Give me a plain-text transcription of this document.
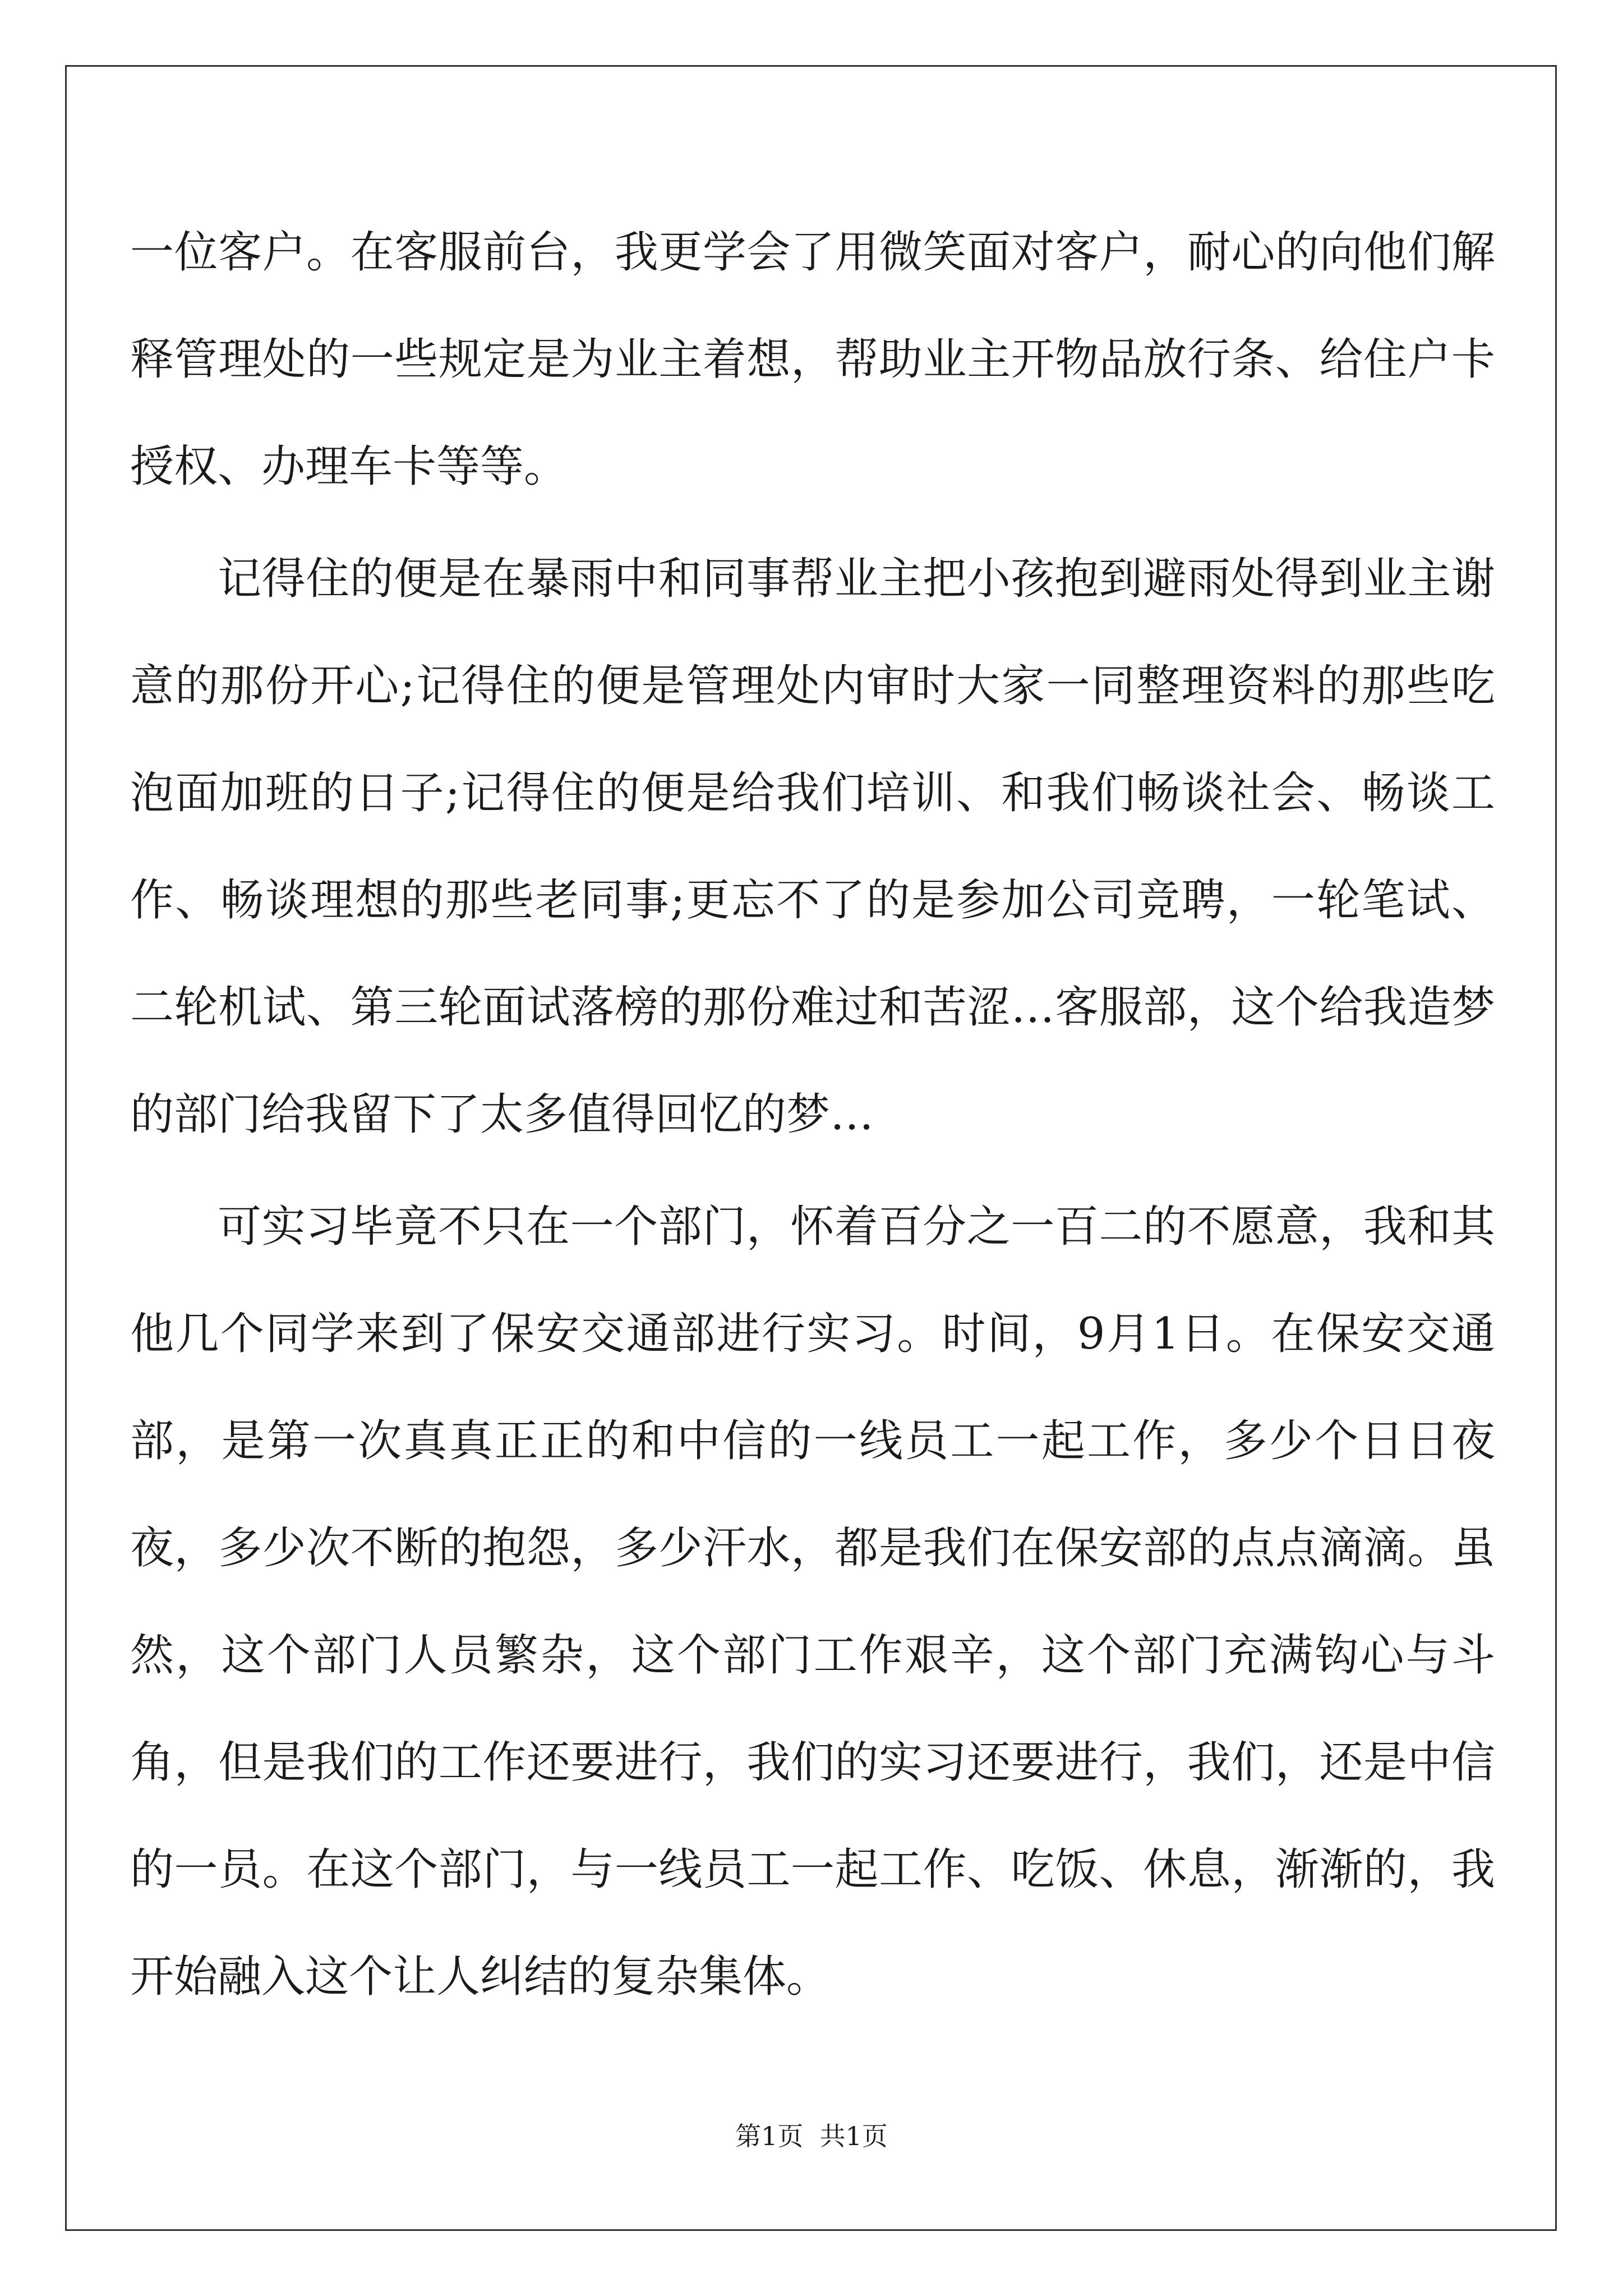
一位客户。在客服前台，我更学会了用微笑面对客户，耐心的向他们解释管理处的一些规定是为业主着想，帮助业主开物品放行条、给住户卡授权、办理车卡等等。

记得住的便是在暴雨中和同事帮业主把小孩抱到避雨处得到业主谢意的那份开心;记得住的便是管理处内审时大家一同整理资料的那些吃泡面加班的日子;记得住的便是给我们培训、和我们畅谈社会、畅谈工作、畅谈理想的那些老同事;更忘不了的是参加公司竞聘，一轮笔试、二轮机试、第三轮面试落榜的那份难过和苦涩…客服部，这个给我造梦的部门给我留下了太多值得回忆的梦…

可实习毕竟不只在一个部门，怀着百分之一百二的不愿意，我和其他几个同学来到了保安交通部进行实习。时间，9月1日。在保安交通部，是第一次真真正正的和中信的一线员工一起工作，多少个日日夜夜，多少次不断的抱怨，多少汗水，都是我们在保安部的点点滴滴。虽然，这个部门人员繁杂，这个部门工作艰辛，这个部门充满钩心与斗角，但是我们的工作还要进行，我们的实习还要进行，我们，还是中信的一员。在这个部门，与一线员工一起工作、吃饭、休息，渐渐的，我开始融入这个让人纠结的复杂集体。

第1页  共1页
